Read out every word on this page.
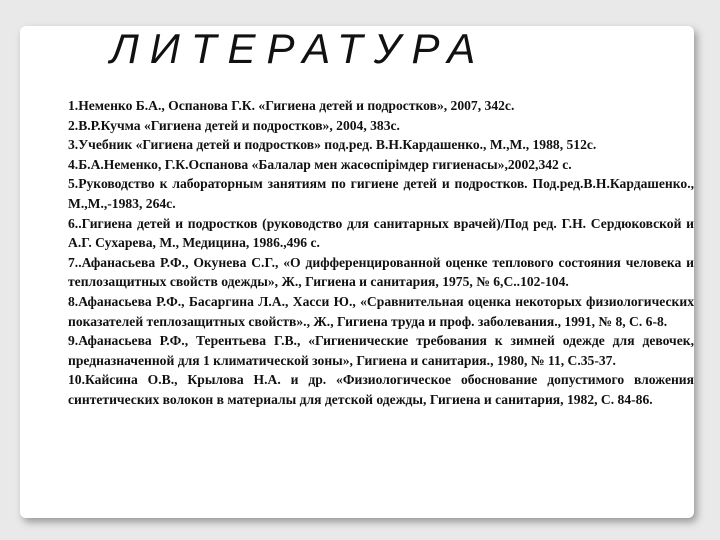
ЛИТЕРАТУРА

1.Неменко Б.А., Оспанова Г.К. «Гигиена детей и подростков», 2007, 342с.

2.В.Р.Кучма «Гигиена детей и подростков», 2004, 383с.

3.Учебник «Гигиена детей и подростков» под.ред. В.Н.Кардашенко., М.,М., 1988, 512с.

4.Б.А.Неменко, Г.К.Оспанова «Балалар мен жасөспірімдер гигиенасы»,2002,342 с.

5.Руководство к лабораторным занятиям по гигиене детей и подростков. Под.ред.В.Н.Кардашенко., М.,М.,-1983, 264с.

6..Гигиена детей и подростков (руководство для санитарных врачей)/Под ред. Г.Н. Сердюковской и А.Г. Сухарева, М., Медицина, 1986.,496 с.

7..Афанасьева Р.Ф., Окунева С.Г., «О дифференцированной оценке теплового состояния человека и теплозащитных свойств одежды», Ж., Гигиена и санитария, 1975, № 6,С..102-104.

8.Афанасьева Р.Ф., Басаргина Л.А., Хасси Ю., «Сравнительная оценка некоторых физиологических показателей теплозащитных свойств»., Ж., Гигиена труда и проф. заболевания., 1991, № 8, С. 6-8.

9.Афанасьева Р.Ф., Терентьева Г.В., «Гигиенические требования к зимней одежде для девочек, предназначенной для 1 климатической зоны», Гигиена и санитария., 1980, № 11, С.35-37.

10.Кайсина О.В., Крылова Н.А. и др. «Физиологическое обоснование допустимого вложения синтетических волокон в материалы для детской одежды, Гигиена и санитария, 1982, С. 84-86.
